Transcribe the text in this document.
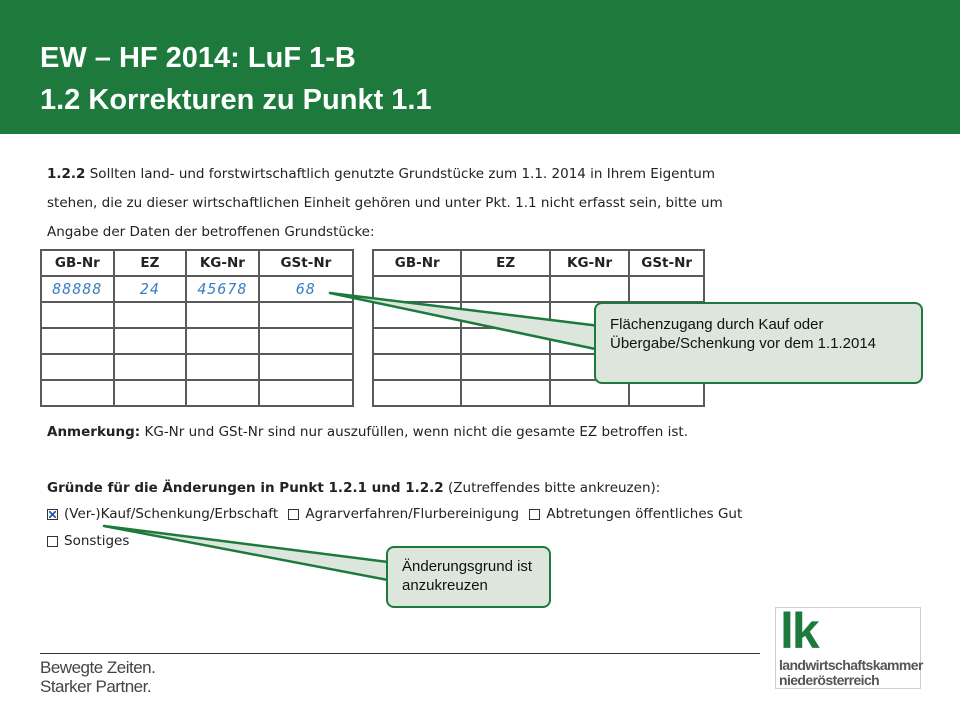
EW – HF 2014: LuF 1-B
1.2 Korrekturen zu Punkt 1.1
1.2.2 Sollten land- und forstwirtschaftlich genutzte Grundstücke zum 1.1. 2014 in Ihrem Eigentum
stehen, die zu dieser wirtschaftlichen Einheit gehören und unter Pkt. 1.1 nicht erfasst sein, bitte um
Angabe der Daten der betroffenen Grundstücke:
GB-Nr	EZ	KG-Nr	GSt-Nr
88888	24	45678	68

GB-Nr	EZ	KG-Nr	GSt-Nr

Anmerkung: KG-Nr und GSt-Nr sind nur auszufüllen, wenn nicht die gesamte EZ betroffen ist.
Gründe für die Änderungen in Punkt 1.2.1 und 1.2.2 (Zutreffendes bitte ankreuzen):
(Ver-)Kauf/Schenkung/Erbschaft Agrarverfahren/Flurbereinigung Abtretungen öffentliches Gut
Sonstiges
Flächenzugang durch Kauf oder Übergabe/Schenkung vor dem 1.1.2014
Änderungsgrund ist anzukreuzen
Bewegte Zeiten.
Starker Partner.
lk
landwirtschaftskammer
niederösterreich
